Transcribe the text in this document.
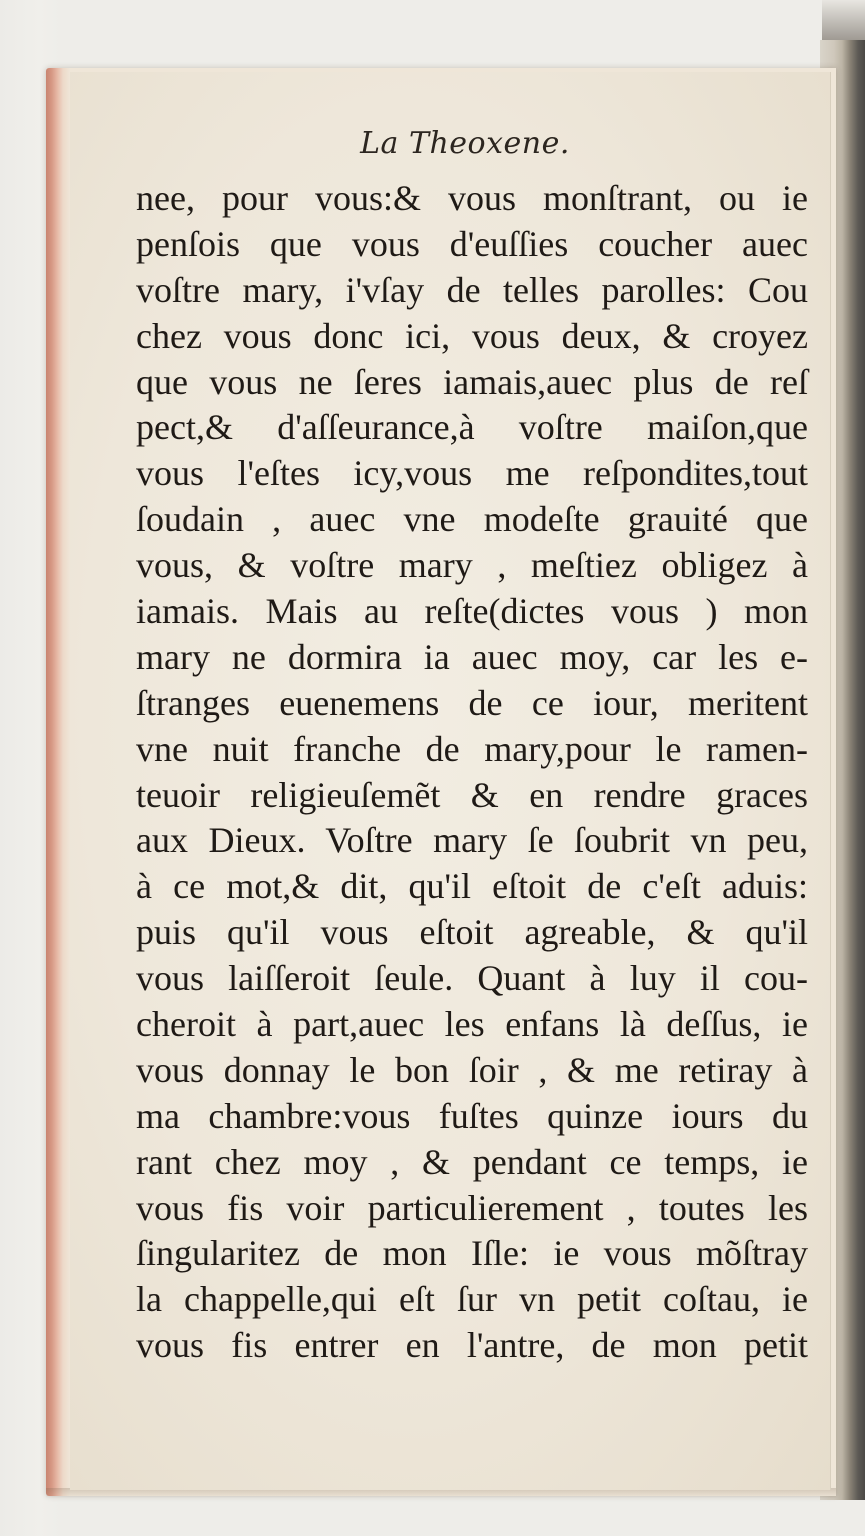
La Theoxene.
nee, pour vous:& vous monſtrant, ou ie
penſois que vous d'euſſies coucher auec
voſtre mary, i'vſay de telles parolles: Cou
chez vous donc ici, vous deux, & croyez
que vous ne ſeres iamais,auec plus de reſ
pect,& d'aſſeurance,à voſtre maiſon,que
vous l'eſtes icy,vous me reſpondites,tout
ſoudain , auec vne modeſte grauité que
vous, & voſtre mary , meſtiez obligez à
iamais. Mais au reſte(dictes vous ) mon
mary ne dormira ia auec moy, car les e-
ſtranges euenemens de ce iour, meritent
vne nuit franche de mary,pour le ramen-
teuoir religieuſemẽt & en rendre graces
aux Dieux. Voſtre mary ſe ſoubrit vn peu,
à ce mot,& dit, qu'il eſtoit de c'eſt aduis:
puis qu'il vous eſtoit agreable, & qu'il
vous laiſſeroit ſeule. Quant à luy il cou-
cheroit à part,auec les enfans là deſſus, ie
vous donnay le bon ſoir , & me retiray à
ma chambre:vous fuſtes quinze iours du
rant chez moy , & pendant ce temps, ie
vous fis voir particulierement , toutes les
ſingularitez de mon Iſle: ie vous mõſtray
la chappelle,qui eſt ſur vn petit coſtau, ie
vous fis entrer en l'antre, de mon petit
